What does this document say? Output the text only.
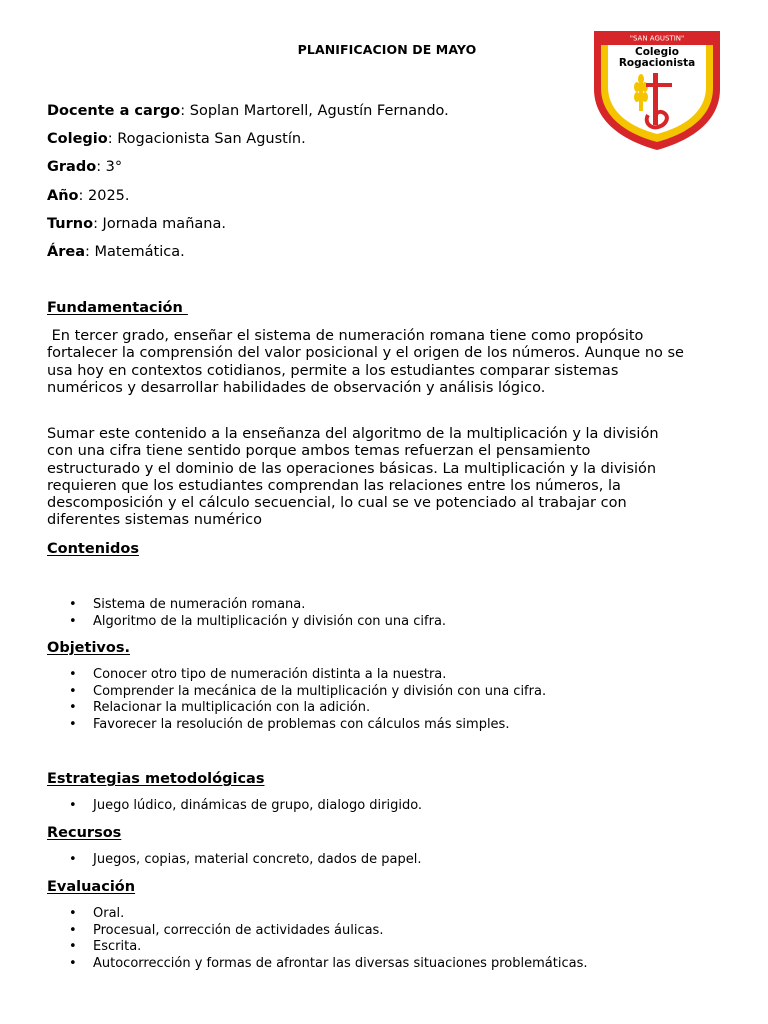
PLANIFICACION DE MAYO
"SAN AGUSTIN"
Colegio
Rogacionista
Docente a cargo: Soplan Martorell, Agustín Fernando.
Colegio: Rogacionista San Agustín.
Grado: 3°
Año: 2025.
Turno: Jornada mañana.
Área: Matemática.
Fundamentación

En tercer grado, enseñar el sistema de numeración romana tiene como propósito fortalecer la comprensión del valor posicional y el origen de los números. Aunque no se usa hoy en contextos cotidianos, permite a los estudiantes comparar sistemas numéricos y desarrollar habilidades de observación y análisis lógico.

Sumar este contenido a la enseñanza del algoritmo de la multiplicación y la división con una cifra tiene sentido porque ambos temas refuerzan el pensamiento estructurado y el dominio de las operaciones básicas. La multiplicación y la división requieren que los estudiantes comprendan las relaciones entre los números, la descomposición y el cálculo secuencial, lo cual se ve potenciado al trabajar con diferentes sistemas numérico

Contenidos
• Sistema de numeración romana.
• Algoritmo de la multiplicación y división con una cifra.
Objetivos.
• Conocer otro tipo de numeración distinta a la nuestra.
• Comprender la mecánica de la multiplicación y división con una cifra.
• Relacionar la multiplicación con la adición.
• Favorecer la resolución de problemas con cálculos más simples.
Estrategias metodológicas
• Juego lúdico, dinámicas de grupo, dialogo dirigido.
Recursos
• Juegos, copias, material concreto, dados de papel.
Evaluación
• Oral.
• Procesual, corrección de actividades áulicas.
• Escrita.
• Autocorrección y formas de afrontar las diversas situaciones problemáticas.
